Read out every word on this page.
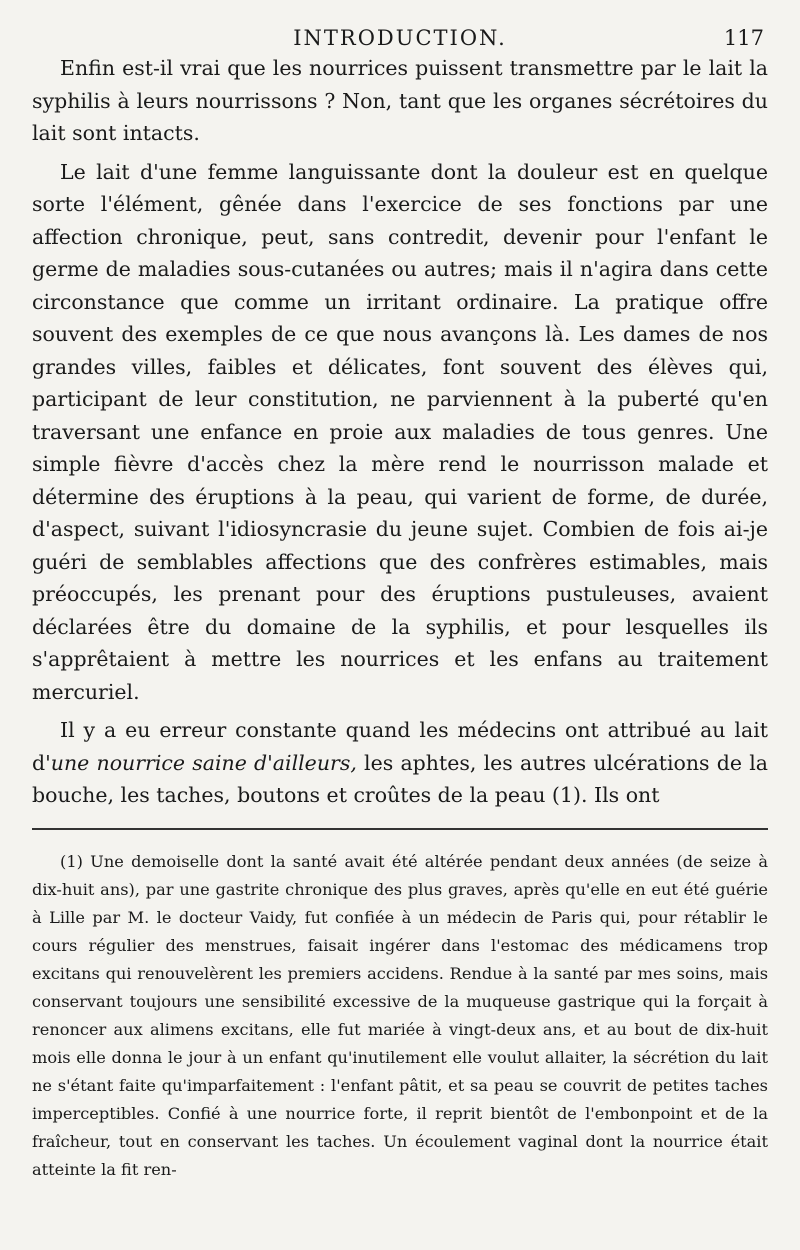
INTRODUCTION.	117

Enfin est-il vrai que les nourrices puissent transmettre par le lait la syphilis à leurs nourrissons ? Non, tant que les organes sécrétoires du lait sont intacts.

Le lait d'une femme languissante dont la douleur est en quelque sorte l'élément, gênée dans l'exercice de ses fonctions par une affection chronique, peut, sans contredit, devenir pour l'enfant le germe de maladies sous-cutanées ou autres; mais il n'agira dans cette circonstance que comme un irritant ordinaire. La pratique offre souvent des exemples de ce que nous avançons là. Les dames de nos grandes villes, faibles et délicates, font souvent des élèves qui, participant de leur constitution, ne parviennent à la puberté qu'en traversant une enfance en proie aux maladies de tous genres. Une simple fièvre d'accès chez la mère rend le nourrisson malade et détermine des éruptions à la peau, qui varient de forme, de durée, d'aspect, suivant l'idiosyncrasie du jeune sujet. Combien de fois ai-je guéri de semblables affections que des confrères estimables, mais préoccupés, les prenant pour des éruptions pustuleuses, avaient déclarées être du domaine de la syphilis, et pour lesquelles ils s'apprêtaient à mettre les nourrices et les enfans au traitement mercuriel.

Il y a eu erreur constante quand les médecins ont attribué au lait d'une nourrice saine d'ailleurs, les aphtes, les autres ulcérations de la bouche, les taches, boutons et croûtes de la peau (1). Ils ont

(1) Une demoiselle dont la santé avait été altérée pendant deux années (de seize à dix-huit ans), par une gastrite chronique des plus graves, après qu'elle en eut été guérie à Lille par M. le docteur Vaidy, fut confiée à un médecin de Paris qui, pour rétablir le cours régulier des menstrues, faisait ingérer dans l'estomac des médicamens trop excitans qui renouvelèrent les premiers accidens. Rendue à la santé par mes soins, mais conservant toujours une sensibilité excessive de la muqueuse gastrique qui la forçait à renoncer aux alimens excitans, elle fut mariée à vingt-deux ans, et au bout de dix-huit mois elle donna le jour à un enfant qu'inutilement elle voulut allaiter, la sécrétion du lait ne s'étant faite qu'imparfaitement : l'enfant pâtit, et sa peau se couvrit de petites taches imperceptibles. Confié à une nourrice forte, il reprit bientôt de l'embonpoint et de la fraîcheur, tout en conservant les taches. Un écoulement vaginal dont la nourrice était atteinte la fit ren-
